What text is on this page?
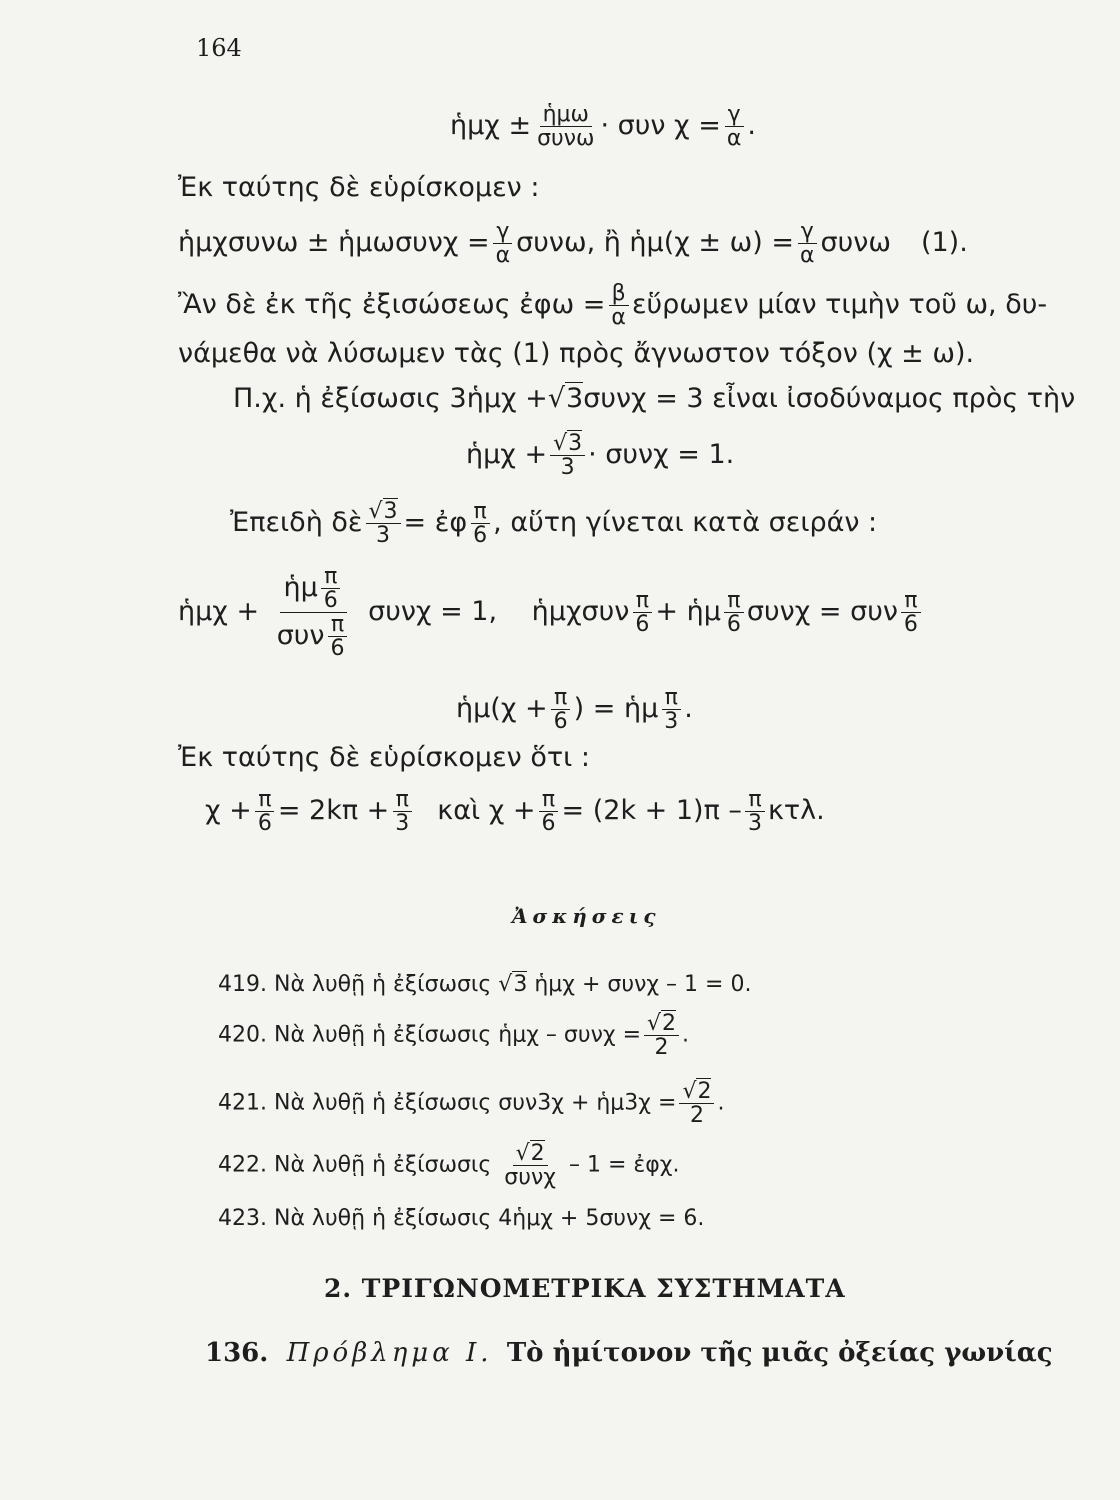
164
ἡμχ ± $\frac{\text{ἡμω}}{\text{συνω}} \cdot \sigma\upsilon\nu$ $\chi = \frac{\gamma}{\alpha}$ .
Ἐκ ταύτης δὲ εὑρίσκομεν :
ἡμχσυνω ± ἡμωσυνχ = $\frac{\gamma}{\alpha} \sigma\upsilon\nu\omega$, ἢ ἡμ(χ ± $\omega) = \frac{\gamma}{\alpha}$ συνω (1).
Ἂν δὲ ἐκ τῆς ἐξισώσεως ἐφω = $\frac{\beta}{\alpha}$ εὕρωμεν μίαν τιμὴν τοῦ ω, δυ-
νάμεθα νὰ λύσωμεν τὰς (1) πρὸς ἄγνωστον τόξον (χ ± ω).
Π.χ. ἡ ἐξίσωσις 3ἡμχ + √ 3συνχ = 3 εἶναι ἰσοδύναμος πρὸς τὴν
ἡμχ + √ $\frac{3}{3} \cdot \sigma\upsilon\nu\chi = 1$.
Ἐπειδὴ δὲ √ $\frac{3}{3}$ = ἐφ $\frac{\pi}{6}$ , αὕτη γίνεται κατὰ σειράν :
ἡμχ + $\frac{ἡ\mu \frac{\pi}{6}}{\sigma\upsilon\nu \frac{\pi}{6}}$ συνχ = 1, ἡμχσυν $\frac{\pi}{6}$ + ἡμ $\frac{\pi}{6}$ συνχ = συν $\frac{\pi}{6}$
ἡμ(χ + $\frac{\pi}{6}$ ) = ἡμ $\frac{\pi}{3}$ .
Ἐκ ταύτης δὲ εὑρίσκομεν ὅτι :
$\chi + \frac{\pi}{6} = 2k\pi + \frac{\pi}{3}$ καὶ $\chi + \frac{\pi}{6} = (2k + 1)\pi - \frac{\pi}{3} \kappa\tau\lambda$.
Ἀσκήσεις
419. Νὰ λυθῇ ἡ ἐξίσωσις √ 3 ἡμχ + συνχ – 1 = 0.
420. Νὰ λυθῇ ἡ ἐξίσωσις ἡμχ – συνχ = √ $\frac{2}{2}$ .
421. Νὰ λυθῇ ἡ ἐξίσωσις συν3χ + ἡμ3χ = √ $\frac{2}{2}$ .
422. Νὰ λυθῇ ἡ ἐξίσωσις √ $\frac{2}{\text{συνχ}} - 1$ = ἐφχ.
423. Νὰ λυθῇ ἡ ἐξίσωσις 4ἡμχ + 5συνχ = 6.
2. ΤΡΙΓΩΝΟΜΕΤΡΙΚΑ ΣΥΣΤΗΜΑΤΑ
136. Πρόβλημα I. Τὸ ἡμίτονον τῆς μιᾶς ὀξείας γωνίας
